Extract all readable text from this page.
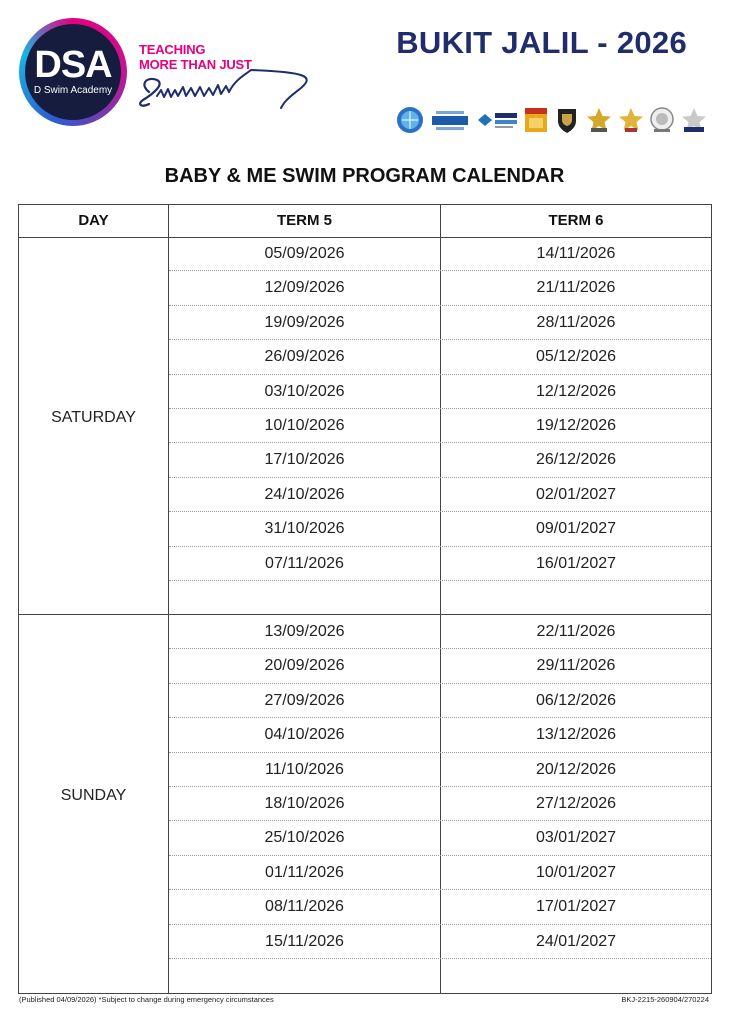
DSA
D Swim Academy
TEACHING
MORE THAN JUST
BUKIT JALIL - 2026
BABY & ME SWIM PROGRAM CALENDAR
DAY	TERM 5	TERM 6
SATURDAY
05/09/2026	14/11/2026
12/09/2026	21/11/2026
19/09/2026	28/11/2026
26/09/2026	05/12/2026
03/10/2026	12/12/2026
10/10/2026	19/12/2026
17/10/2026	26/12/2026
24/10/2026	02/01/2027
31/10/2026	09/01/2027
07/11/2026	16/01/2027
SUNDAY
13/09/2026	22/11/2026
20/09/2026	29/11/2026
27/09/2026	06/12/2026
04/10/2026	13/12/2026
11/10/2026	20/12/2026
18/10/2026	27/12/2026
25/10/2026	03/01/2027
01/11/2026	10/01/2027
08/11/2026	17/01/2027
15/11/2026	24/01/2027
(Published 04/09/2026) *Subject to change during emergency circumstances	BKJ-2215-260904/270224
